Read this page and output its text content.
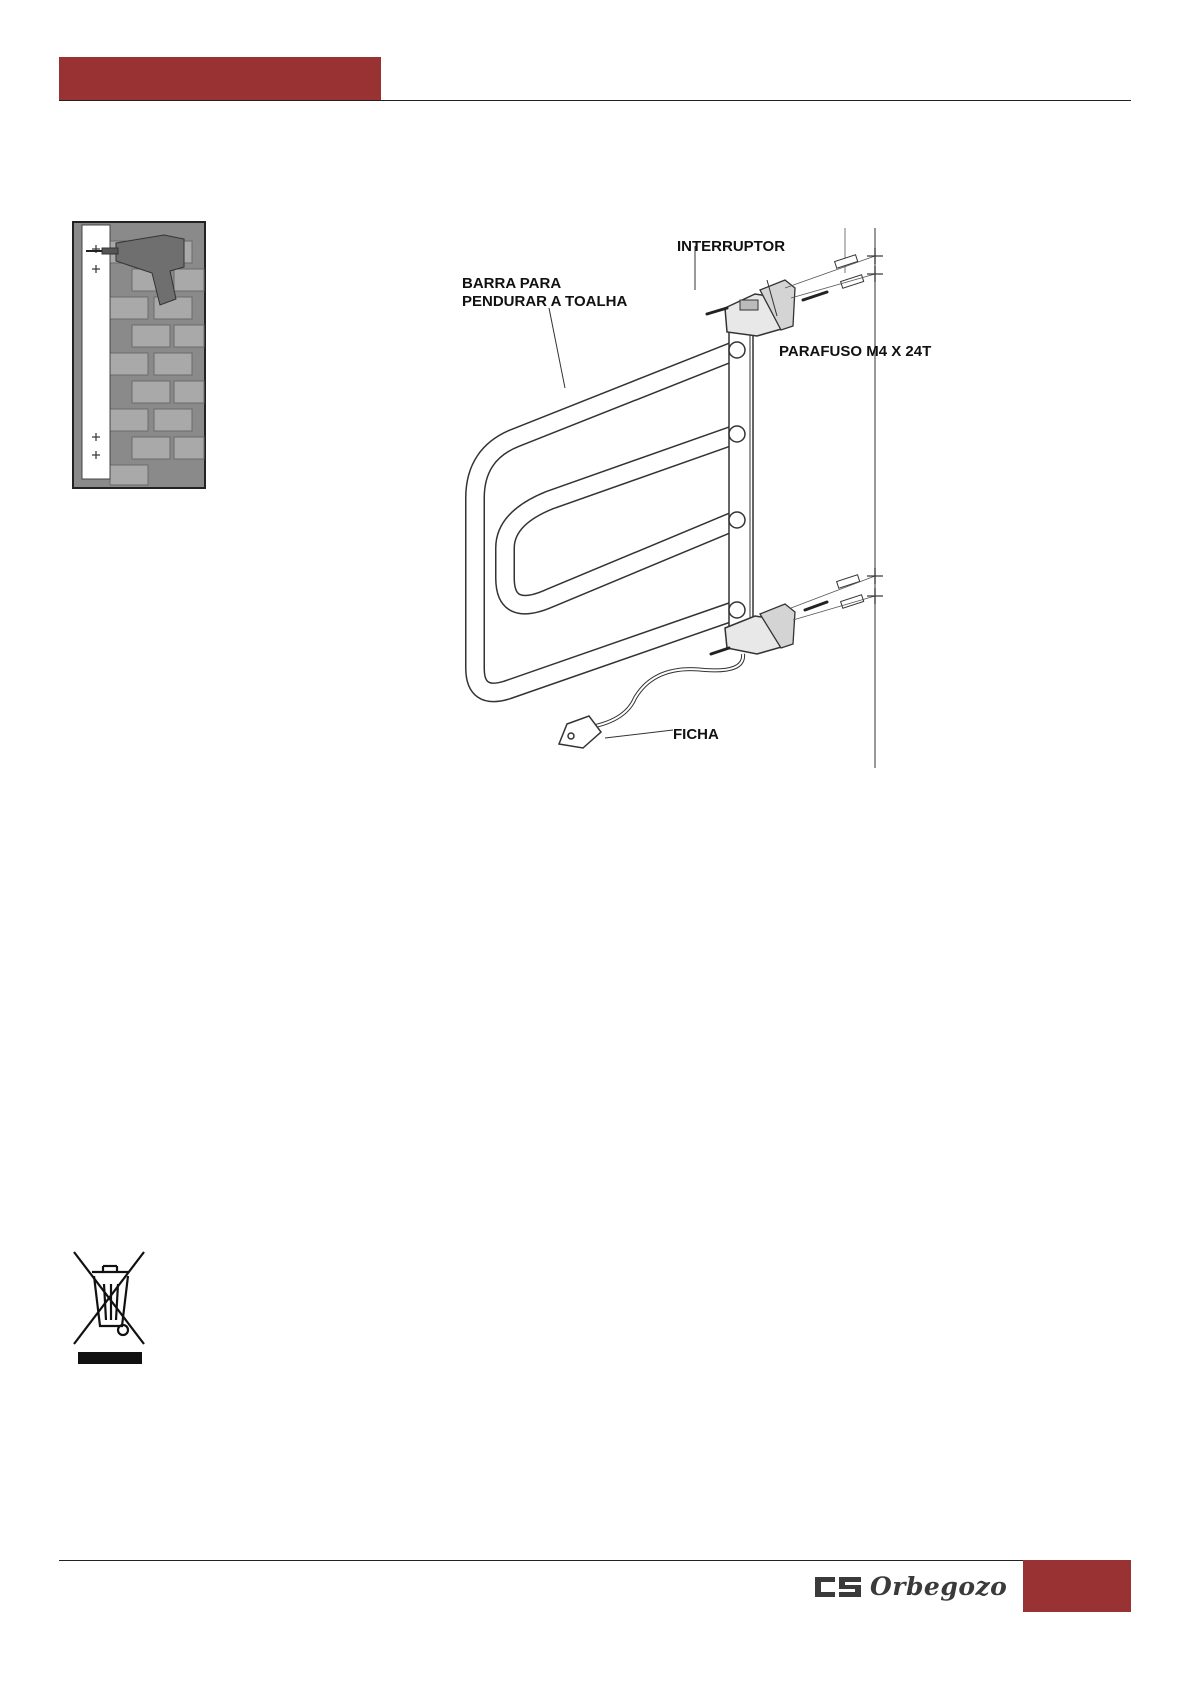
INTERRUPTOR
BARRA PARA
PENDURAR A TOALHA
PARAFUSO M4 X 24T
FICHA
Orbegozo
